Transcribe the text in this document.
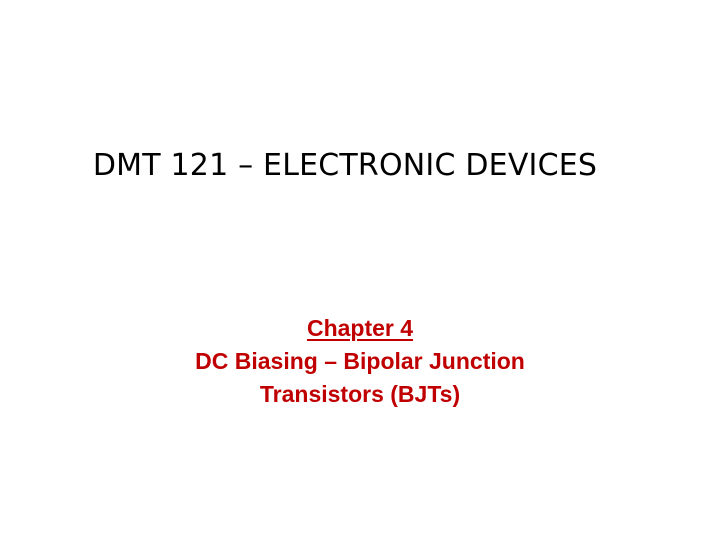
DMT 121 – ELECTRONIC DEVICES
Chapter 4
DC Biasing – Bipolar Junction
Transistors (BJTs)
